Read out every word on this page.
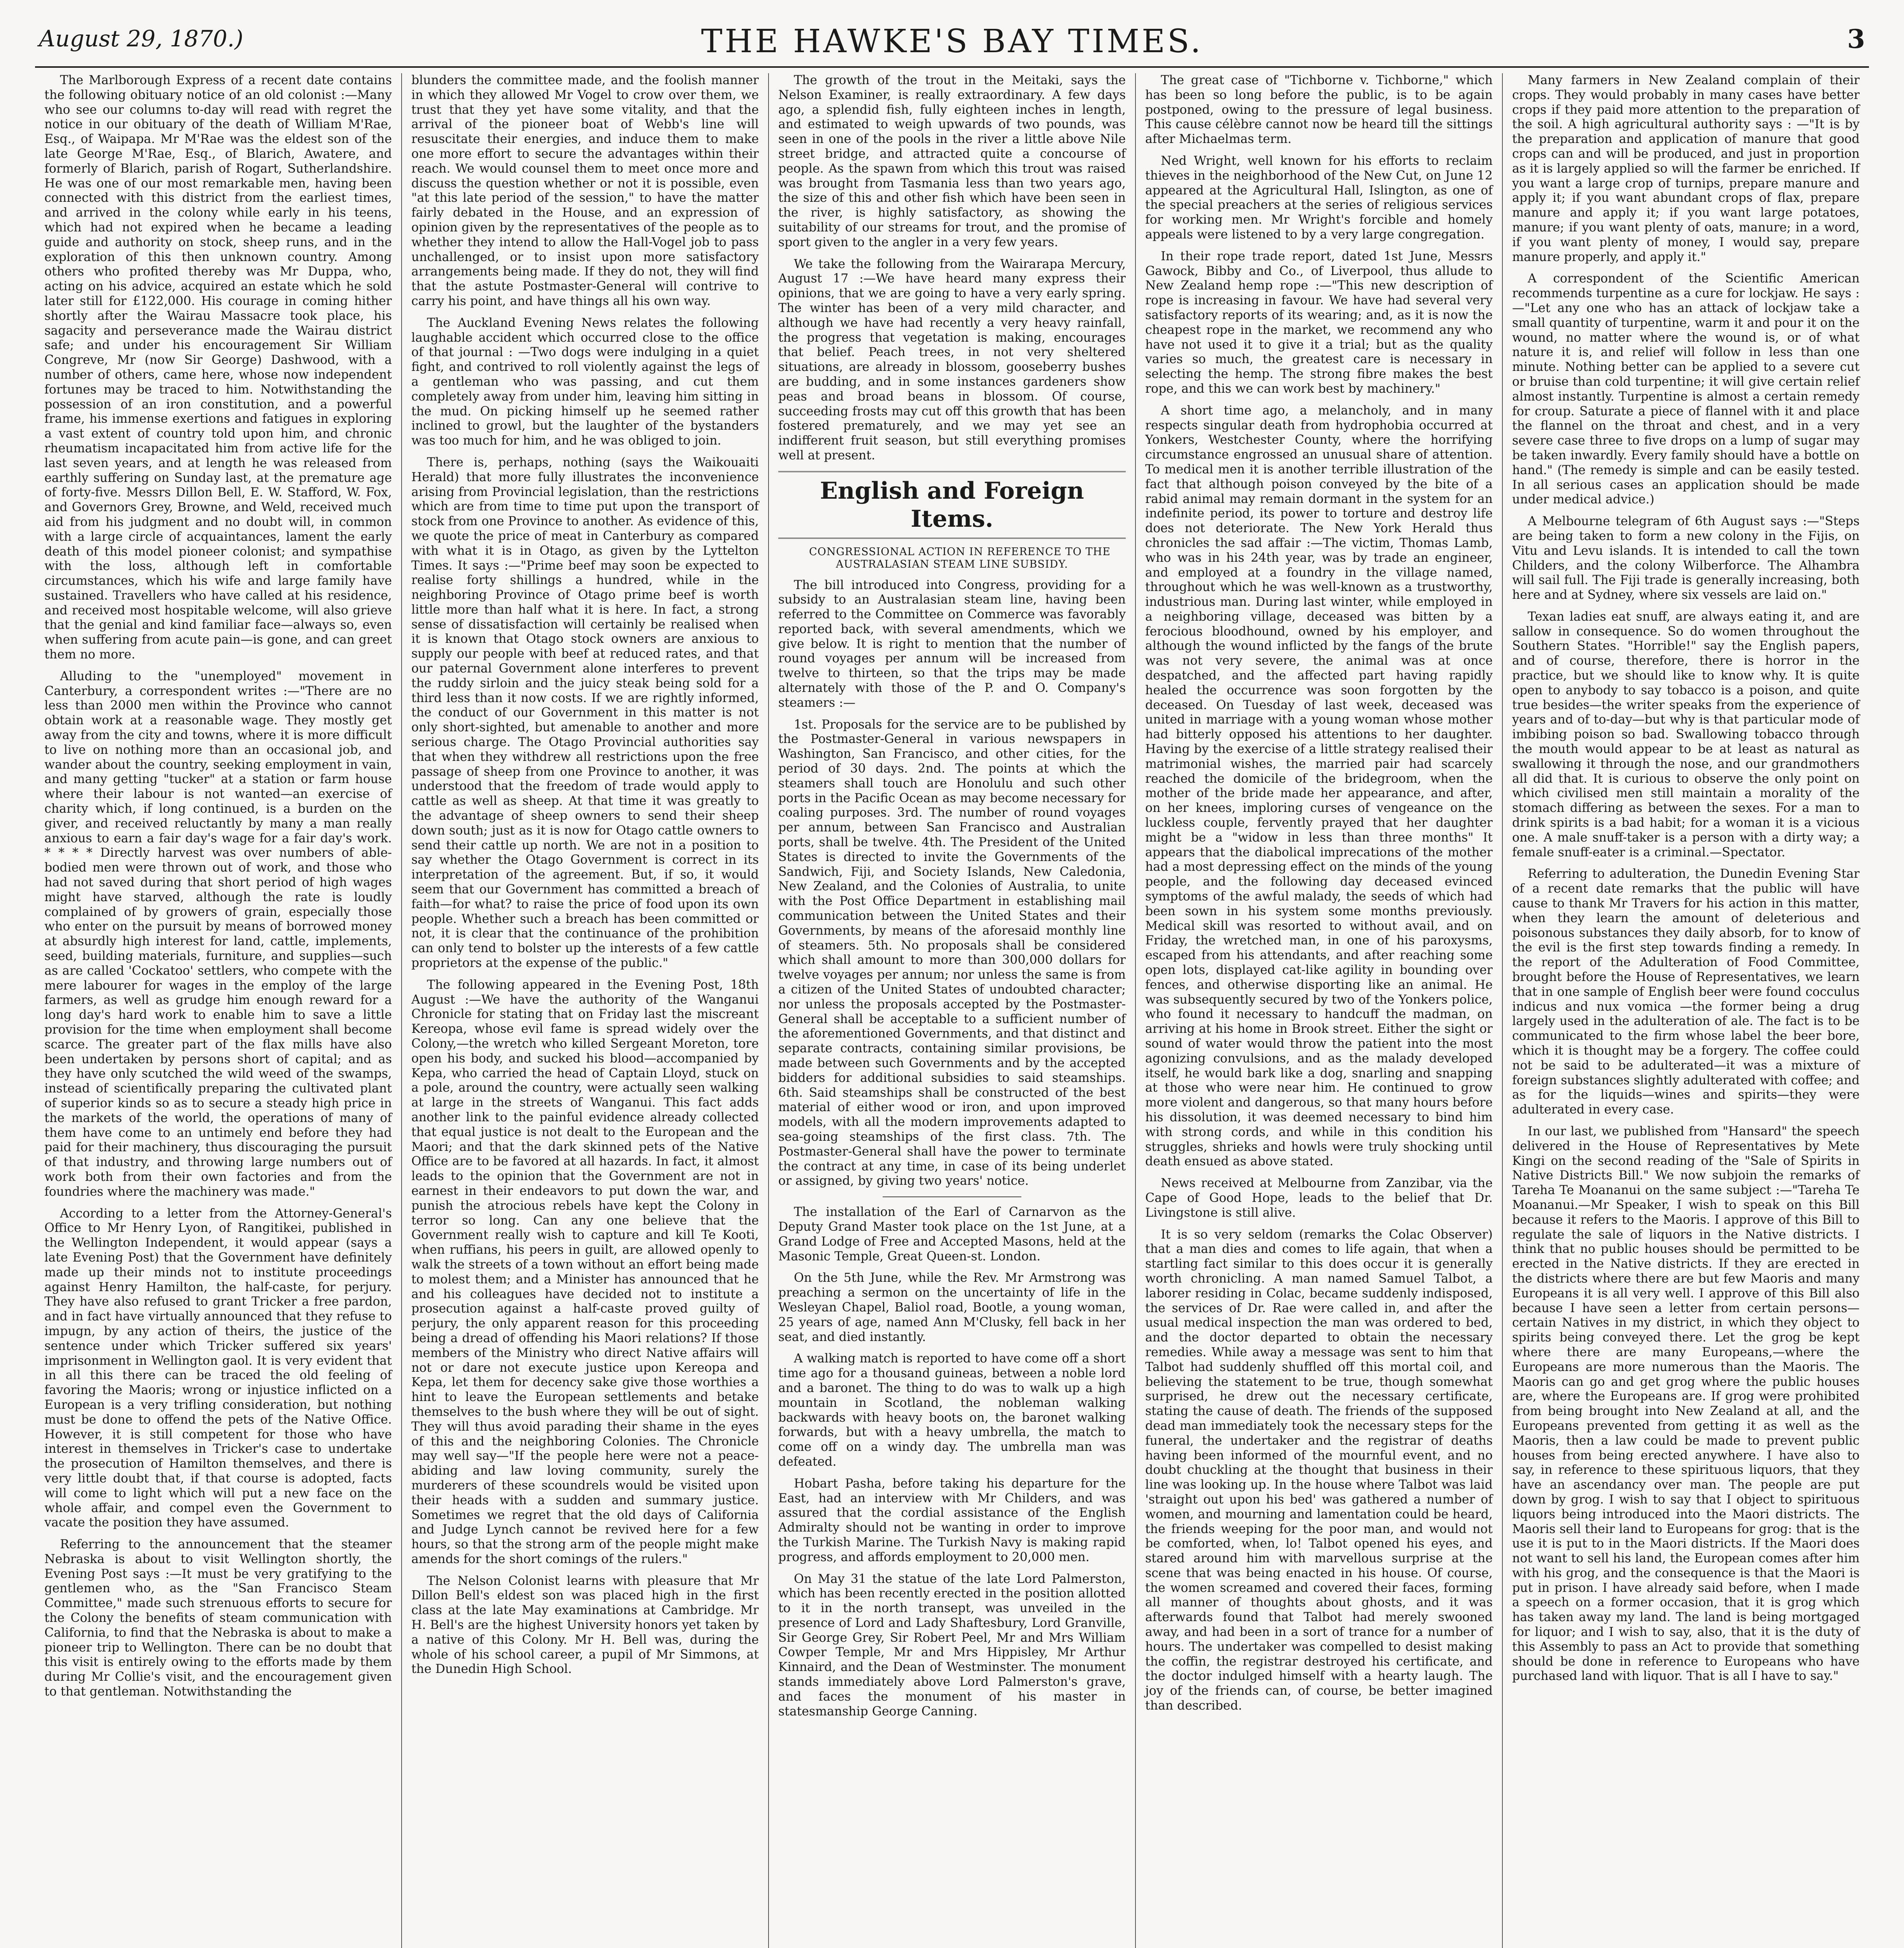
August 29, 1870.)	THE HAWKE'S BAY TIMES.	3

The Marlborough Express of a recent date contains the following obituary notice of an old colonist :—Many who see our columns to-day will read with regret the notice in our obituary of the death of William M'Rae, Esq., of Waipapa. Mr M'Rae was the eldest son of the late George M'Rae, Esq., of Blarich, Awatere, and formerly of Blarich, parish of Rogart, Sutherlandshire. He was one of our most remarkable men, having been connected with this district from the earliest times, and arrived in the colony while early in his teens, which had not expired when he became a leading guide and authority on stock, sheep runs, and in the exploration of this then unknown country. Among others who profited thereby was Mr Duppa, who, acting on his advice, acquired an estate which he sold later still for £122,000. His courage in coming hither shortly after the Wairau Massacre took place, his sagacity and perseverance made the Wairau district safe; and under his encouragement Sir William Congreve, Mr (now Sir George) Dashwood, with a number of others, came here, whose now independent fortunes may be traced to him. Notwithstanding the possession of an iron constitution, and a powerful frame, his immense exertions and fatigues in exploring a vast extent of country told upon him, and chronic rheumatism incapacitated him from active life for the last seven years, and at length he was released from earthly suffering on Sunday last, at the premature age of forty-five. Messrs Dillon Bell, E. W. Stafford, W. Fox, and Governors Grey, Browne, and Weld, received much aid from his judgment and no doubt will, in common with a large circle of acquaintances, lament the early death of this model pioneer colonist; and sympathise with the loss, although left in comfortable circumstances, which his wife and large family have sustained. Travellers who have called at his residence, and received most hospitable welcome, will also grieve that the genial and kind familiar face—always so, even when suffering from acute pain—is gone, and can greet them no more.

Alluding to the "unemployed" movement in Canterbury, a correspondent writes :—"There are no less than 2000 men within the Province who cannot obtain work at a reasonable wage. They mostly get away from the city and towns, where it is more difficult to live on nothing more than an occasional job, and wander about the country, seeking employment in vain, and many getting "tucker" at a station or farm house where their labour is not wanted—an exercise of charity which, if long continued, is a burden on the giver, and received reluctantly by many a man really anxious to earn a fair day's wage for a fair day's work. * * * * Directly harvest was over numbers of able-bodied men were thrown out of work, and those who had not saved during that short period of high wages might have starved, although the rate is loudly complained of by growers of grain, especially those who enter on the pursuit by means of borrowed money at absurdly high interest for land, cattle, implements, seed, building materials, furniture, and supplies—such as are called 'Cockatoo' settlers, who compete with the mere labourer for wages in the employ of the large farmers, as well as grudge him enough reward for a long day's hard work to enable him to save a little provision for the time when employment shall become scarce. The greater part of the flax mills have also been undertaken by persons short of capital; and as they have only scutched the wild weed of the swamps, instead of scientifically preparing the cultivated plant of superior kinds so as to secure a steady high price in the markets of the world, the operations of many of them have come to an untimely end before they had paid for their machinery, thus discouraging the pursuit of that industry, and throwing large numbers out of work both from their own factories and from the foundries where the machinery was made."

According to a letter from the Attorney-General's Office to Mr Henry Lyon, of Rangitikei, published in the Wellington Independent, it would appear (says a late Evening Post) that the Government have definitely made up their minds not to institute proceedings against Henry Hamilton, the half-caste, for perjury. They have also refused to grant Tricker a free pardon, and in fact have virtually announced that they refuse to impugn, by any action of theirs, the justice of the sentence under which Tricker suffered six years' imprisonment in Wellington gaol. It is very evident that in all this there can be traced the old feeling of favoring the Maoris; wrong or injustice inflicted on a European is a very trifling consideration, but nothing must be done to offend the pets of the Native Office. However, it is still competent for those who have interest in themselves in Tricker's case to undertake the prosecution of Hamilton themselves, and there is very little doubt that, if that course is adopted, facts will come to light which will put a new face on the whole affair, and compel even the Government to vacate the position they have assumed.

Referring to the announcement that the steamer Nebraska is about to visit Wellington shortly, the Evening Post says :—It must be very gratifying to the gentlemen who, as the "San Francisco Steam Committee," made such strenuous efforts to secure for the Colony the benefits of steam communication with California, to find that the Nebraska is about to make a pioneer trip to Wellington. There can be no doubt that this visit is entirely owing to the efforts made by them during Mr Collie's visit, and the encouragement given to that gentleman. Notwithstanding the

blunders the committee made, and the foolish manner in which they allowed Mr Vogel to crow over them, we trust that they yet have some vitality, and that the arrival of the pioneer boat of Webb's line will resuscitate their energies, and induce them to make one more effort to secure the advantages within their reach. We would counsel them to meet once more and discuss the question whether or not it is possible, even "at this late period of the session," to have the matter fairly debated in the House, and an expression of opinion given by the representatives of the people as to whether they intend to allow the Hall-Vogel job to pass unchallenged, or to insist upon more satisfactory arrangements being made. If they do not, they will find that the astute Postmaster-General will contrive to carry his point, and have things all his own way.

The Auckland Evening News relates the following laughable accident which occurred close to the office of that journal : —Two dogs were indulging in a quiet fight, and contrived to roll violently against the legs of a gentleman who was passing, and cut them completely away from under him, leaving him sitting in the mud. On picking himself up he seemed rather inclined to growl, but the laughter of the bystanders was too much for him, and he was obliged to join.

There is, perhaps, nothing (says the Waikouaiti Herald) that more fully illustrates the inconvenience arising from Provincial legislation, than the restrictions which are from time to time put upon the transport of stock from one Province to another. As evidence of this, we quote the price of meat in Canterbury as compared with what it is in Otago, as given by the Lyttelton Times. It says :—"Prime beef may soon be expected to realise forty shillings a hundred, while in the neighboring Province of Otago prime beef is worth little more than half what it is here. In fact, a strong sense of dissatisfaction will certainly be realised when it is known that Otago stock owners are anxious to supply our people with beef at reduced rates, and that our paternal Government alone interferes to prevent the ruddy sirloin and the juicy steak being sold for a third less than it now costs. If we are rightly informed, the conduct of our Government in this matter is not only short-sighted, but amenable to another and more serious charge. The Otago Provincial authorities say that when they withdrew all restrictions upon the free passage of sheep from one Province to another, it was understood that the freedom of trade would apply to cattle as well as sheep. At that time it was greatly to the advantage of sheep owners to send their sheep down south; just as it is now for Otago cattle owners to send their cattle up north. We are not in a position to say whether the Otago Government is correct in its interpretation of the agreement. But, if so, it would seem that our Government has committed a breach of faith—for what? to raise the price of food upon its own people. Whether such a breach has been committed or not, it is clear that the continuance of the prohibition can only tend to bolster up the interests of a few cattle proprietors at the expense of the public."

The following appeared in the Evening Post, 18th August :—We have the authority of the Wanganui Chronicle for stating that on Friday last the miscreant Kereopa, whose evil fame is spread widely over the Colony,—the wretch who killed Sergeant Moreton, tore open his body, and sucked his blood—accompanied by Kepa, who carried the head of Captain Lloyd, stuck on a pole, around the country, were actually seen walking at large in the streets of Wanganui. This fact adds another link to the painful evidence already collected that equal justice is not dealt to the European and the Maori; and that the dark skinned pets of the Native Office are to be favored at all hazards. In fact, it almost leads to the opinion that the Government are not in earnest in their endeavors to put down the war, and punish the atrocious rebels have kept the Colony in terror so long. Can any one believe that the Government really wish to capture and kill Te Kooti, when ruffians, his peers in guilt, are allowed openly to walk the streets of a town without an effort being made to molest them; and a Minister has announced that he and his colleagues have decided not to institute a prosecution against a half-caste proved guilty of perjury, the only apparent reason for this proceeding being a dread of offending his Maori relations? If those members of the Ministry who direct Native affairs will not or dare not execute justice upon Kereopa and Kepa, let them for decency sake give those worthies a hint to leave the European settlements and betake themselves to the bush where they will be out of sight. They will thus avoid parading their shame in the eyes of this and the neighboring Colonies. The Chronicle may well say—"If the people here were not a peace-abiding and law loving community, surely the murderers of these scoundrels would be visited upon their heads with a sudden and summary justice. Sometimes we regret that the old days of California and Judge Lynch cannot be revived here for a few hours, so that the strong arm of the people might make amends for the short comings of the rulers."

The Nelson Colonist learns with pleasure that Mr Dillon Bell's eldest son was placed high in the first class at the late May examinations at Cambridge. Mr H. Bell's are the highest University honors yet taken by a native of this Colony. Mr H. Bell was, during the whole of his school career, a pupil of Mr Simmons, at the Dunedin High School.

The growth of the trout in the Meitaki, says the Nelson Examiner, is really extraordinary. A few days ago, a splendid fish, fully eighteen inches in length, and estimated to weigh upwards of two pounds, was seen in one of the pools in the river a little above Nile street bridge, and attracted quite a concourse of people. As the spawn from which this trout was raised was brought from Tasmania less than two years ago, the size of this and other fish which have been seen in the river, is highly satisfactory, as showing the suitability of our streams for trout, and the promise of sport given to the angler in a very few years.

We take the following from the Wairarapa Mercury, August 17 :—We have heard many express their opinions, that we are going to have a very early spring. The winter has been of a very mild character, and although we have had recently a very heavy rainfall, the progress that vegetation is making, encourages that belief. Peach trees, in not very sheltered situations, are already in blossom, gooseberry bushes are budding, and in some instances gardeners show peas and broad beans in blossom. Of course, succeeding frosts may cut off this growth that has been fostered prematurely, and we may yet see an indifferent fruit season, but still everything promises well at present.

English and Foreign Items.

CONGRESSIONAL ACTION IN REFERENCE TO THE AUSTRALASIAN STEAM LINE SUBSIDY.

The bill introduced into Congress, providing for a subsidy to an Australasian steam line, having been referred to the Committee on Commerce was favorably reported back, with several amendments, which we give below. It is right to mention that the number of round voyages per annum will be increased from twelve to thirteen, so that the trips may be made alternately with those of the P. and O. Company's steamers :—

1st. Proposals for the service are to be published by the Postmaster-General in various newspapers in Washington, San Francisco, and other cities, for the period of 30 days. 2nd. The points at which the steamers shall touch are Honolulu and such other ports in the Pacific Ocean as may become necessary for coaling purposes. 3rd. The number of round voyages per annum, between San Francisco and Australian ports, shall be twelve. 4th. The President of the United States is directed to invite the Governments of the Sandwich, Fiji, and Society Islands, New Caledonia, New Zealand, and the Colonies of Australia, to unite with the Post Office Department in establishing mail communication between the United States and their Governments, by means of the aforesaid monthly line of steamers. 5th. No proposals shall be considered which shall amount to more than 300,000 dollars for twelve voyages per annum; nor unless the same is from a citizen of the United States of undoubted character; nor unless the proposals accepted by the Postmaster-General shall be acceptable to a sufficient number of the aforementioned Governments, and that distinct and separate contracts, containing similar provisions, be made between such Governments and by the accepted bidders for additional subsidies to said steamships. 6th. Said steamships shall be constructed of the best material of either wood or iron, and upon improved models, with all the modern improvements adapted to sea-going steamships of the first class. 7th. The Postmaster-General shall have the power to terminate the contract at any time, in case of its being underlet or assigned, by giving two years' notice.

The installation of the Earl of Carnarvon as the Deputy Grand Master took place on the 1st June, at a Grand Lodge of Free and Accepted Masons, held at the Masonic Temple, Great Queen-st. London.

On the 5th June, while the Rev. Mr Armstrong was preaching a sermon on the uncertainty of life in the Wesleyan Chapel, Baliol road, Bootle, a young woman, 25 years of age, named Ann M'Clusky, fell back in her seat, and died instantly.

A walking match is reported to have come off a short time ago for a thousand guineas, between a noble lord and a baronet. The thing to do was to walk up a high mountain in Scotland, the nobleman walking backwards with heavy boots on, the baronet walking forwards, but with a heavy umbrella, the match to come off on a windy day. The umbrella man was defeated.

Hobart Pasha, before taking his departure for the East, had an interview with Mr Childers, and was assured that the cordial assistance of the English Admiralty should not be wanting in order to improve the Turkish Marine. The Turkish Navy is making rapid progress, and affords employment to 20,000 men.

On May 31 the statue of the late Lord Palmerston, which has been recently erected in the position allotted to it in the north transept, was unveiled in the presence of Lord and Lady Shaftesbury, Lord Granville, Sir George Grey, Sir Robert Peel, Mr and Mrs William Cowper Temple, Mr and Mrs Hippisley, Mr Arthur Kinnaird, and the Dean of Westminster. The monument stands immediately above Lord Palmerston's grave, and faces the monument of his master in statesmanship George Canning.

The great case of "Tichborne v. Tichborne," which has been so long before the public, is to be again postponed, owing to the pressure of legal business. This cause célèbre cannot now be heard till the sittings after Michaelmas term.

Ned Wright, well known for his efforts to reclaim thieves in the neighborhood of the New Cut, on June 12 appeared at the Agricultural Hall, Islington, as one of the special preachers at the series of religious services for working men. Mr Wright's forcible and homely appeals were listened to by a very large congregation.

In their rope trade report, dated 1st June, Messrs Gawock, Bibby and Co., of Liverpool, thus allude to New Zealand hemp rope :—"This new description of rope is increasing in favour. We have had several very satisfactory reports of its wearing; and, as it is now the cheapest rope in the market, we recommend any who have not used it to give it a trial; but as the quality varies so much, the greatest care is necessary in selecting the hemp. The strong fibre makes the best rope, and this we can work best by machinery."

A short time ago, a melancholy, and in many respects singular death from hydrophobia occurred at Yonkers, Westchester County, where the horrifying circumstance engrossed an unusual share of attention. To medical men it is another terrible illustration of the fact that although poison conveyed by the bite of a rabid animal may remain dormant in the system for an indefinite period, its power to torture and destroy life does not deteriorate. The New York Herald thus chronicles the sad affair :—The victim, Thomas Lamb, who was in his 24th year, was by trade an engineer, and employed at a foundry in the village named, throughout which he was well-known as a trustworthy, industrious man. During last winter, while employed in a neighboring village, deceased was bitten by a ferocious bloodhound, owned by his employer, and although the wound inflicted by the fangs of the brute was not very severe, the animal was at once despatched, and the affected part having rapidly healed the occurrence was soon forgotten by the deceased. On Tuesday of last week, deceased was united in marriage with a young woman whose mother had bitterly opposed his attentions to her daughter. Having by the exercise of a little strategy realised their matrimonial wishes, the married pair had scarcely reached the domicile of the bridegroom, when the mother of the bride made her appearance, and after, on her knees, imploring curses of vengeance on the luckless couple, fervently prayed that her daughter might be a "widow in less than three months" It appears that the diabolical imprecations of the mother had a most depressing effect on the minds of the young people, and the following day deceased evinced symptoms of the awful malady, the seeds of which had been sown in his system some months previously. Medical skill was resorted to without avail, and on Friday, the wretched man, in one of his paroxysms, escaped from his attendants, and after reaching some open lots, displayed cat-like agility in bounding over fences, and otherwise disporting like an animal. He was subsequently secured by two of the Yonkers police, who found it necessary to handcuff the madman, on arriving at his home in Brook street. Either the sight or sound of water would throw the patient into the most agonizing convulsions, and as the malady developed itself, he would bark like a dog, snarling and snapping at those who were near him. He continued to grow more violent and dangerous, so that many hours before his dissolution, it was deemed necessary to bind him with strong cords, and while in this condition his struggles, shrieks and howls were truly shocking until death ensued as above stated.

News received at Melbourne from Zanzibar, via the Cape of Good Hope, leads to the belief that Dr. Livingstone is still alive.

It is so very seldom (remarks the Colac Observer) that a man dies and comes to life again, that when a startling fact similar to this does occur it is generally worth chronicling. A man named Samuel Talbot, a laborer residing in Colac, became suddenly indisposed, the services of Dr. Rae were called in, and after the usual medical inspection the man was ordered to bed, and the doctor departed to obtain the necessary remedies. While away a message was sent to him that Talbot had suddenly shuffled off this mortal coil, and believing the statement to be true, though somewhat surprised, he drew out the necessary certificate, stating the cause of death. The friends of the supposed dead man immediately took the necessary steps for the funeral, the undertaker and the registrar of deaths having been informed of the mournful event, and no doubt chuckling at the thought that business in their line was looking up. In the house where Talbot was laid 'straight out upon his bed' was gathered a number of women, and mourning and lamentation could be heard, the friends weeping for the poor man, and would not be comforted, when, lo! Talbot opened his eyes, and stared around him with marvellous surprise at the scene that was being enacted in his house. Of course, the women screamed and covered their faces, forming all manner of thoughts about ghosts, and it was afterwards found that Talbot had merely swooned away, and had been in a sort of trance for a number of hours. The undertaker was compelled to desist making the coffin, the registrar destroyed his certificate, and the doctor indulged himself with a hearty laugh. The joy of the friends can, of course, be better imagined than described.

Many farmers in New Zealand complain of their crops. They would probably in many cases have better crops if they paid more attention to the preparation of the soil. A high agricultural authority says : —"It is by the preparation and application of manure that good crops can and will be produced, and just in proportion as it is largely applied so will the farmer be enriched. If you want a large crop of turnips, prepare manure and apply it; if you want abundant crops of flax, prepare manure and apply it; if you want large potatoes, manure; if you want plenty of oats, manure; in a word, if you want plenty of money, I would say, prepare manure properly, and apply it."

A correspondent of the Scientific American recommends turpentine as a cure for lockjaw. He says :—"Let any one who has an attack of lockjaw take a small quantity of turpentine, warm it and pour it on the wound, no matter where the wound is, or of what nature it is, and relief will follow in less than one minute. Nothing better can be applied to a severe cut or bruise than cold turpentine; it will give certain relief almost instantly. Turpentine is almost a certain remedy for croup. Saturate a piece of flannel with it and place the flannel on the throat and chest, and in a very severe case three to five drops on a lump of sugar may be taken inwardly. Every family should have a bottle on hand." (The remedy is simple and can be easily tested. In all serious cases an application should be made under medical advice.)

A Melbourne telegram of 6th August says :—"Steps are being taken to form a new colony in the Fijis, on Vitu and Levu islands. It is intended to call the town Childers, and the colony Wilberforce. The Alhambra will sail full. The Fiji trade is generally increasing, both here and at Sydney, where six vessels are laid on."

Texan ladies eat snuff, are always eating it, and are sallow in consequence. So do women throughout the Southern States. "Horrible!" say the English papers, and of course, therefore, there is horror in the practice, but we should like to know why. It is quite open to anybody to say tobacco is a poison, and quite true besides—the writer speaks from the experience of years and of to-day—but why is that particular mode of imbibing poison so bad. Swallowing tobacco through the mouth would appear to be at least as natural as swallowing it through the nose, and our grandmothers all did that. It is curious to observe the only point on which civilised men still maintain a morality of the stomach differing as between the sexes. For a man to drink spirits is a bad habit; for a woman it is a vicious one. A male snuff-taker is a person with a dirty way; a female snuff-eater is a criminal.—Spectator.

Referring to adulteration, the Dunedin Evening Star of a recent date remarks that the public will have cause to thank Mr Travers for his action in this matter, when they learn the amount of deleterious and poisonous substances they daily absorb, for to know of the evil is the first step towards finding a remedy. In the report of the Adulteration of Food Committee, brought before the House of Representatives, we learn that in one sample of English beer were found cocculus indicus and nux vomica —the former being a drug largely used in the adulteration of ale. The fact is to be communicated to the firm whose label the beer bore, which it is thought may be a forgery. The coffee could not be said to be adulterated—it was a mixture of foreign substances slightly adulterated with coffee; and as for the liquids—wines and spirits—they were adulterated in every case.

In our last, we published from "Hansard" the speech delivered in the House of Representatives by Mete Kingi on the second reading of the "Sale of Spirits in Native Districts Bill." We now subjoin the remarks of Tareha Te Moananui on the same subject :—"Tareha Te Moananui.—Mr Speaker, I wish to speak on this Bill because it refers to the Maoris. I approve of this Bill to regulate the sale of liquors in the Native districts. I think that no public houses should be permitted to be erected in the Native districts. If they are erected in the districts where there are but few Maoris and many Europeans it is all very well. I approve of this Bill also because I have seen a letter from certain persons—certain Natives in my district, in which they object to spirits being conveyed there. Let the grog be kept where there are many Europeans,—where the Europeans are more numerous than the Maoris. The Maoris can go and get grog where the public houses are, where the Europeans are. If grog were prohibited from being brought into New Zealand at all, and the Europeans prevented from getting it as well as the Maoris, then a law could be made to prevent public houses from being erected anywhere. I have also to say, in reference to these spirituous liquors, that they have an ascendancy over man. The people are put down by grog. I wish to say that I object to spirituous liquors being introduced into the Maori districts. The Maoris sell their land to Europeans for grog: that is the use it is put to in the Maori districts. If the Maori does not want to sell his land, the European comes after him with his grog, and the consequence is that the Maori is put in prison. I have already said before, when I made a speech on a former occasion, that it is grog which has taken away my land. The land is being mortgaged for liquor; and I wish to say, also, that it is the duty of this Assembly to pass an Act to provide that something should be done in reference to Europeans who have purchased land with liquor. That is all I have to say."
